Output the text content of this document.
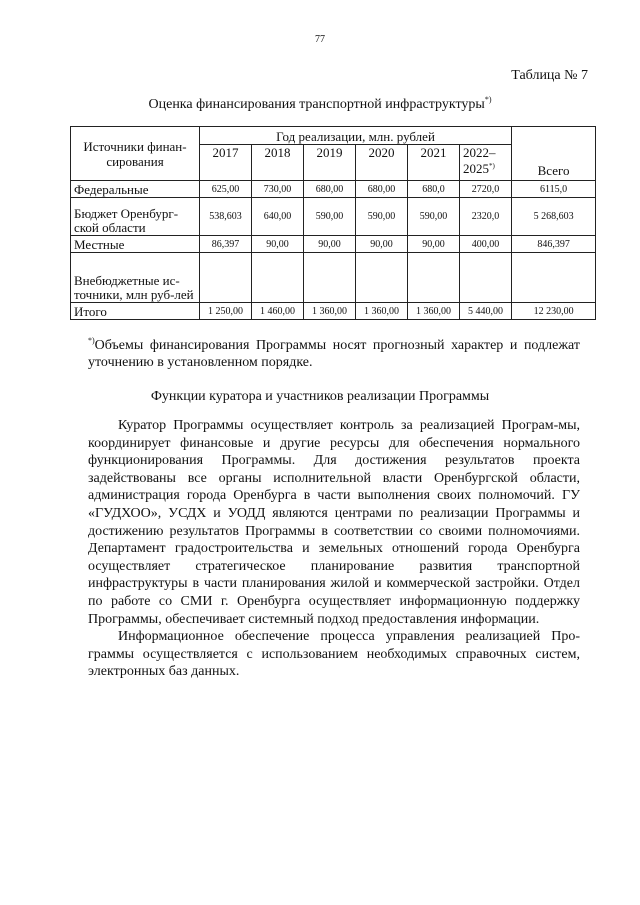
77
Таблица № 7
Оценка финансирования транспортной инфраструктуры*)
Источники финан-сирования	Год реализации, млн. рублей						Всего
	2017	2018	2019	2020	2021	2022–2025*)
Федеральные	625,00	730,00	680,00	680,00	680,0	2720,0	6115,0
Бюджет Оренбург-ской области	538,603	640,00	590,00	590,00	590,00	2320,0	5 268,603
Местные	86,397	90,00	90,00	90,00	90,00	400,00	846,397
Внебюджетные ис-точники, млн руб-лей							
Итого	1 250,00	1 460,00	1 360,00	1 360,00	1 360,00	5 440,00	12 230,00
*)Объемы финансирования Программы носят прогнозный характер и подлежат уточнению в установленном порядке.
Функции куратора и участников реализации Программы

Куратор Программы осуществляет контроль за реализацией Програм-мы, координирует финансовые и другие ресурсы для обеспечения нормального функционирования Программы. Для достижения результатов проекта задействованы все органы исполнительной власти Оренбургской области, администрация города Оренбурга в части выполнения своих полномочий. ГУ «ГУДХОО», УСДХ и УОДД являются центрами по реализации Программы и достижению результатов Программы в соответствии со своими полномочиями. Департамент градостроительства и земельных отношений города Оренбурга осуществляет стратегическое планирование развития транспортной инфраструктуры в части планирования жилой и коммерческой застройки. Отдел по работе со СМИ г. Оренбурга осуществляет информационную поддержку Программы, обеспечивает системный подход предоставления информации.

Информационное обеспечение процесса управления реализацией Про-граммы осуществляется с использованием необходимых справочных систем, электронных баз данных.
